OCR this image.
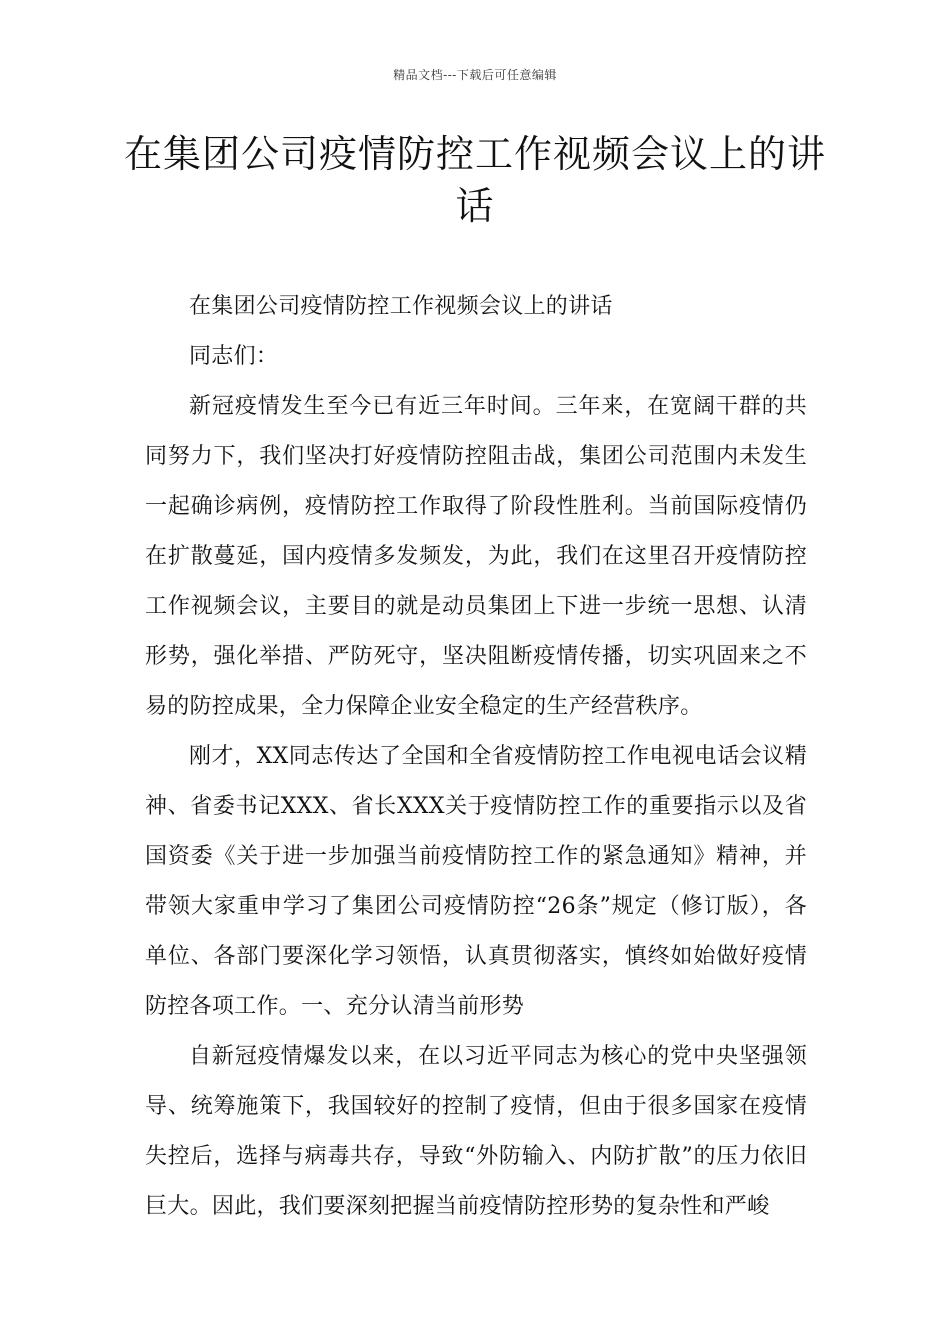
精品文档---下载后可任意编辑
在集团公司疫情防控工作视频会议上的讲话

在集团公司疫情防控工作视频会议上的讲话

同志们：

新冠疫情发生至今已有近三年时间。三年来，在宽阔干群的共同努力下，我们坚决打好疫情防控阻击战，集团公司范围内未发生一起确诊病例，疫情防控工作取得了阶段性胜利。当前国际疫情仍在扩散蔓延，国内疫情多发频发，为此，我们在这里召开疫情防控工作视频会议，主要目的就是动员集团上下进一步统一思想、认清形势，强化举措、严防死守，坚决阻断疫情传播，切实巩固来之不易的防控成果，全力保障企业安全稳定的生产经营秩序。

刚才，XX同志传达了全国和全省疫情防控工作电视电话会议精神、省委书记XXX、省长XXX关于疫情防控工作的重要指示以及省国资委《关于进一步加强当前疫情防控工作的紧急通知》精神，并带领大家重申学习了集团公司疫情防控“26条”规定（修订版），各单位、各部门要深化学习领悟，认真贯彻落实，慎终如始做好疫情防控各项工作。一、充分认清当前形势

自新冠疫情爆发以来，在以习近平同志为核心的党中央坚强领导、统筹施策下，我国较好的控制了疫情，但由于很多国家在疫情失控后，选择与病毒共存，导致“外防输入、内防扩散”的压力依旧巨大。因此，我们要深刻把握当前疫情防控形势的复杂性和严峻
